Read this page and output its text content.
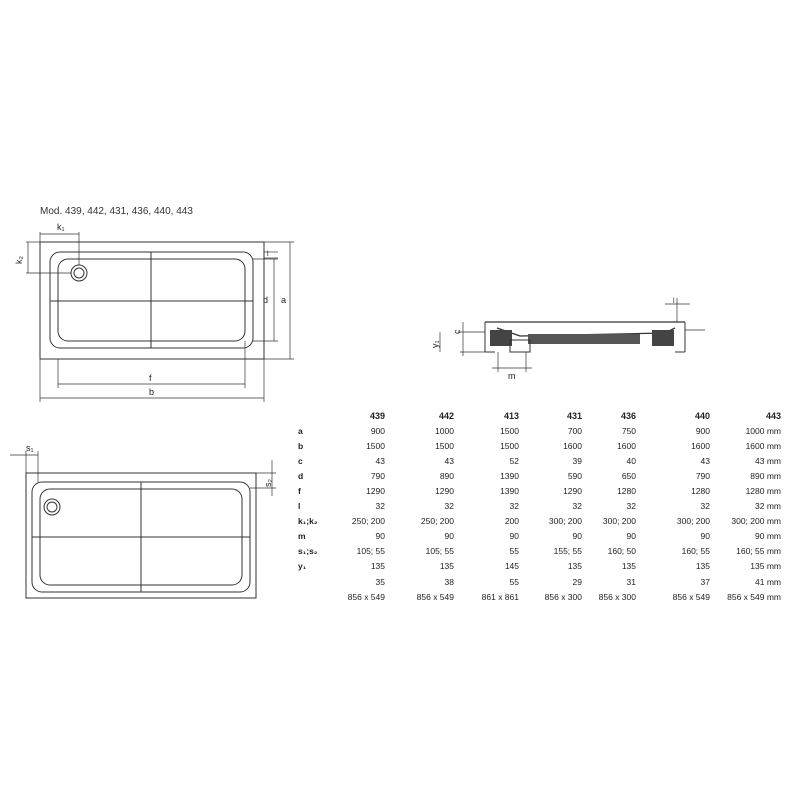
Mod. 439, 442, 431, 436, 440, 443
k₁
k₂
l
d a
f
b
s₁
s₂
c
y₁
m
l
	439	442	413	431	436	440	443
a	900	1000	1500	700	750	900	1000 mm
b	1500	1500	1500	1600	1600	1600	1600 mm
c	43	43	52	39	40	43	43 mm
d	790	890	1390	590	650	790	890 mm
f	1290	1290	1390	1290	1280	1280	1280 mm
l	32	32	32	32	32	32	32 mm
k₁;k₂	250; 200	250; 200	200	300; 200	300; 200	300; 200	300; 200 mm
m	90	90	90	90	90	90	90 mm
s₁;s₂	105; 55	105; 55	55	155; 55	160; 50	160; 55	160; 55 mm
y₁	135	135	145	135	135	135	135 mm
	35	38	55	29	31	37	41 mm
	856 x 549	856 x 549	861 x 861	856 x 300	856 x 300	856 x 549	856 x 549 mm
